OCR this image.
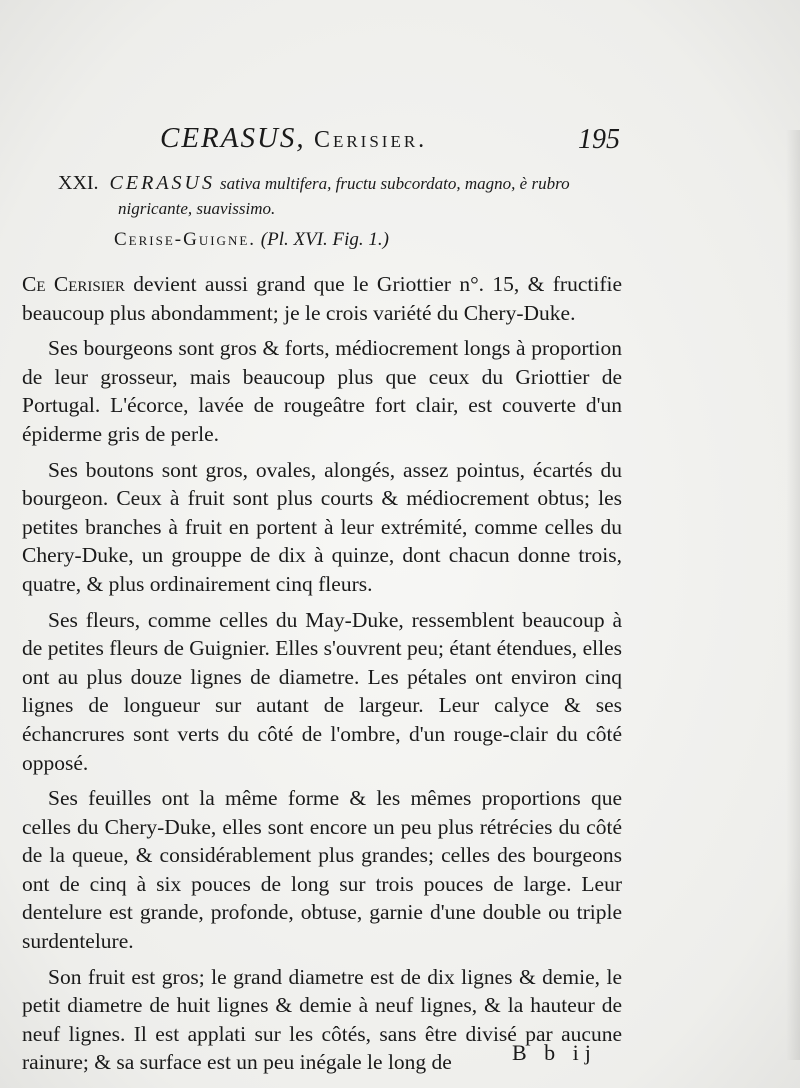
CERASUS, Cerisier.	195
XXI. CERASUS sativa multifera, fructu subcordato, magno, è rubro
nigricante, suavissimo.
Cerise-Guigne. (Pl. XVI. Fig. 1.)

Ce Cerisier devient aussi grand que le Griottier n°. 15, & fructifie beaucoup plus abondamment; je le crois variété du Chery-Duke.

Ses bourgeons sont gros & forts, médiocrement longs à proportion de leur grosseur, mais beaucoup plus que ceux du Griottier de Portugal. L'écorce, lavée de rougeâtre fort clair, est couverte d'un épiderme gris de perle.

Ses boutons sont gros, ovales, alongés, assez pointus, écartés du bourgeon. Ceux à fruit sont plus courts & médiocrement obtus; les petites branches à fruit en portent à leur extrémité, comme celles du Chery-Duke, un grouppe de dix à quinze, dont chacun donne trois, quatre, & plus ordinairement cinq fleurs.

Ses fleurs, comme celles du May-Duke, ressemblent beaucoup à de petites fleurs de Guignier. Elles s'ouvrent peu; étant étendues, elles ont au plus douze lignes de diametre. Les pétales ont environ cinq lignes de longueur sur autant de largeur. Leur calyce & ses échancrures sont verts du côté de l'ombre, d'un rouge-clair du côté opposé.

Ses feuilles ont la même forme & les mêmes proportions que celles du Chery-Duke, elles sont encore un peu plus rétrécies du côté de la queue, & considérablement plus grandes; celles des bourgeons ont de cinq à six pouces de long sur trois pouces de large. Leur dentelure est grande, profonde, obtuse, garnie d'une double ou triple surdentelure.

Son fruit est gros; le grand diametre est de dix lignes & demie, le petit diametre de huit lignes & demie à neuf lignes, & la hauteur de neuf lignes. Il est applati sur les côtés, sans être divisé par aucune rainure; & sa surface est un peu inégale le long de	B b ij
